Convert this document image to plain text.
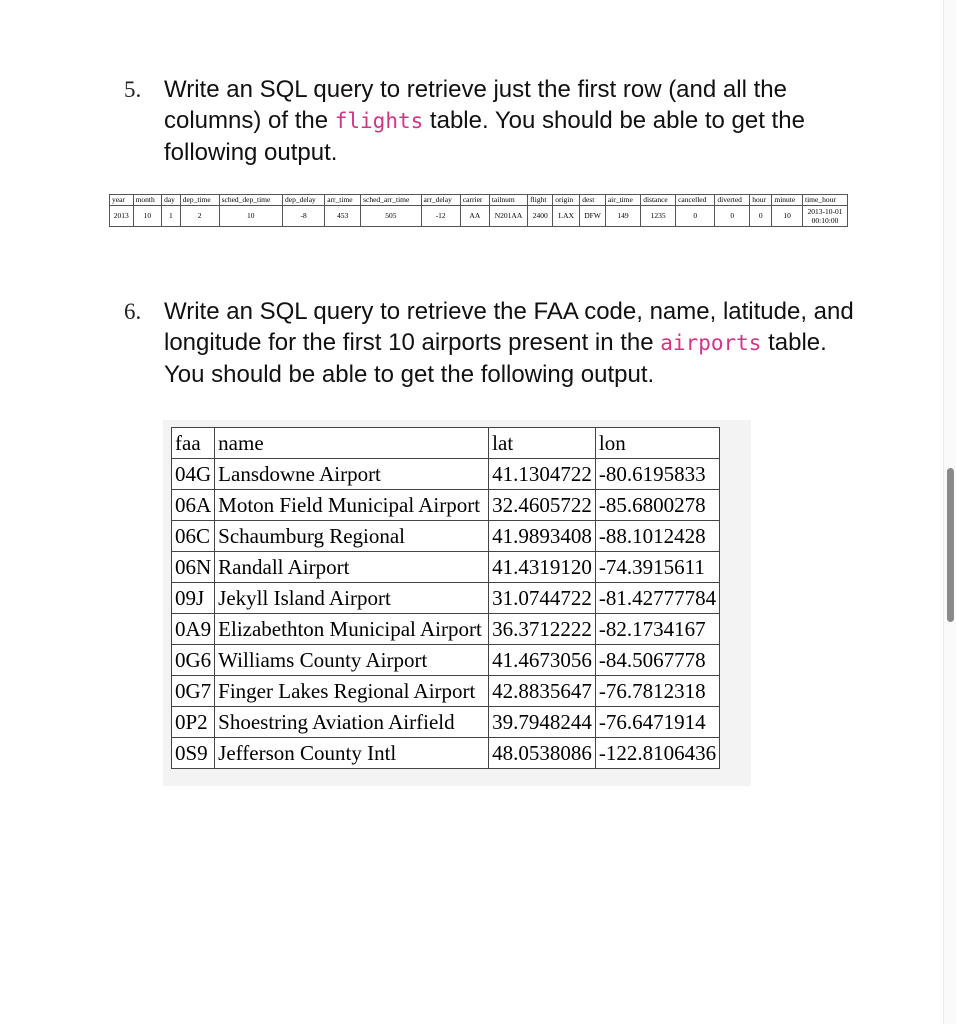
5. Write an SQL query to retrieve just the first row (and all the columns) of the flights table. You should be able to get the following output.
year	month	day	dep_time	sched_dep_time	dep_delay	arr_time	sched_arr_time	arr_delay	carrier	tailnum	flight	origin	dest	air_time	distance	cancelled	diverted	hour	minute	time_hour
2013	10	1	2	10	-8	453	505	-12	AA	N201AA	2400	LAX	DFW	149	1235	0	0	0	10	2013-10-01 00:10:00
6. Write an SQL query to retrieve the FAA code, name, latitude, and longitude for the first 10 airports present in the airports table.
You should be able to get the following output.
faa	name	lat	lon
04G	Lansdowne Airport	41.1304722	-80.6195833
06A	Moton Field Municipal Airport	32.4605722	-85.6800278
06C	Schaumburg Regional	41.9893408	-88.1012428
06N	Randall Airport	41.4319120	-74.3915611
09J	Jekyll Island Airport	31.0744722	-81.42777784
0A9	Elizabethton Municipal Airport	36.3712222	-82.1734167
0G6	Williams County Airport	41.4673056	-84.5067778
0G7	Finger Lakes Regional Airport	42.8835647	-76.7812318
0P2	Shoestring Aviation Airfield	39.7948244	-76.6471914
0S9	Jefferson County Intl	48.0538086	-122.8106436
